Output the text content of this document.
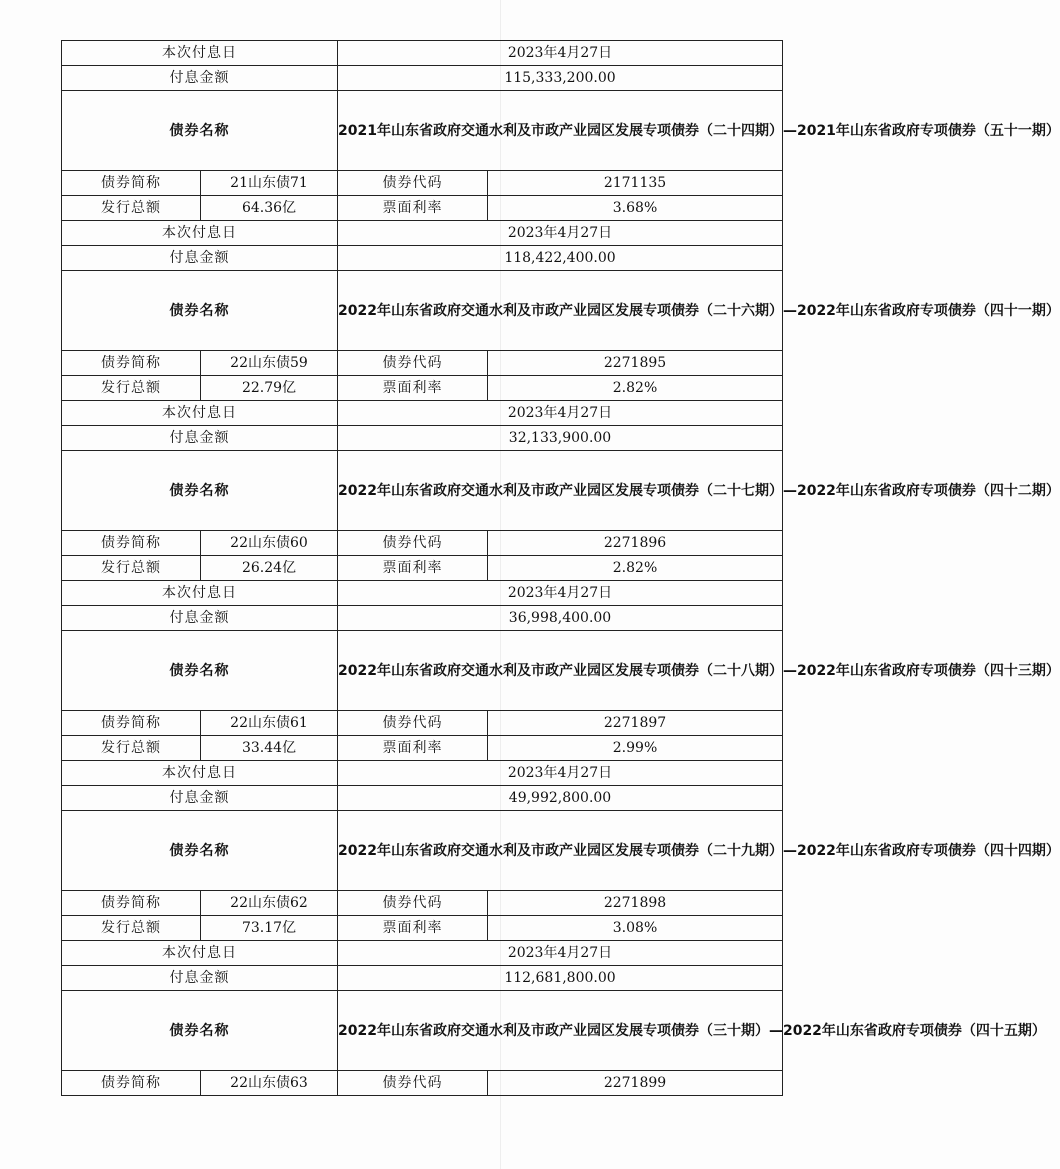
本次付息日		2023年4月27日	
付息金额		115,333,200.00	
债券名称		2021年山东省政府交通水利及市政产业园区发展专项债券（二十四期）—2021年山东省政府专项债券（五十一期）	
债券简称	21山东债71	债券代码	2171135
发行总额	64.36亿	票面利率	3.68%
本次付息日		2023年4月27日	
付息金额		118,422,400.00	
债券名称		2022年山东省政府交通水利及市政产业园区发展专项债券（二十六期）—2022年山东省政府专项债券（四十一期）	
债券简称	22山东债59	债券代码	2271895
发行总额	22.79亿	票面利率	2.82%
本次付息日		2023年4月27日	
付息金额		32,133,900.00	
债券名称		2022年山东省政府交通水利及市政产业园区发展专项债券（二十七期）—2022年山东省政府专项债券（四十二期）	
债券简称	22山东债60	债券代码	2271896
发行总额	26.24亿	票面利率	2.82%
本次付息日		2023年4月27日	
付息金额		36,998,400.00	
债券名称		2022年山东省政府交通水利及市政产业园区发展专项债券（二十八期）—2022年山东省政府专项债券（四十三期）	
债券简称	22山东债61	债券代码	2271897
发行总额	33.44亿	票面利率	2.99%
本次付息日		2023年4月27日	
付息金额		49,992,800.00	
债券名称		2022年山东省政府交通水利及市政产业园区发展专项债券（二十九期）—2022年山东省政府专项债券（四十四期）	
债券简称	22山东债62	债券代码	2271898
发行总额	73.17亿	票面利率	3.08%
本次付息日		2023年4月27日	
付息金额		112,681,800.00	
债券名称		2022年山东省政府交通水利及市政产业园区发展专项债券（三十期）—2022年山东省政府专项债券（四十五期）	
债券简称	22山东债63	债券代码	2271899
